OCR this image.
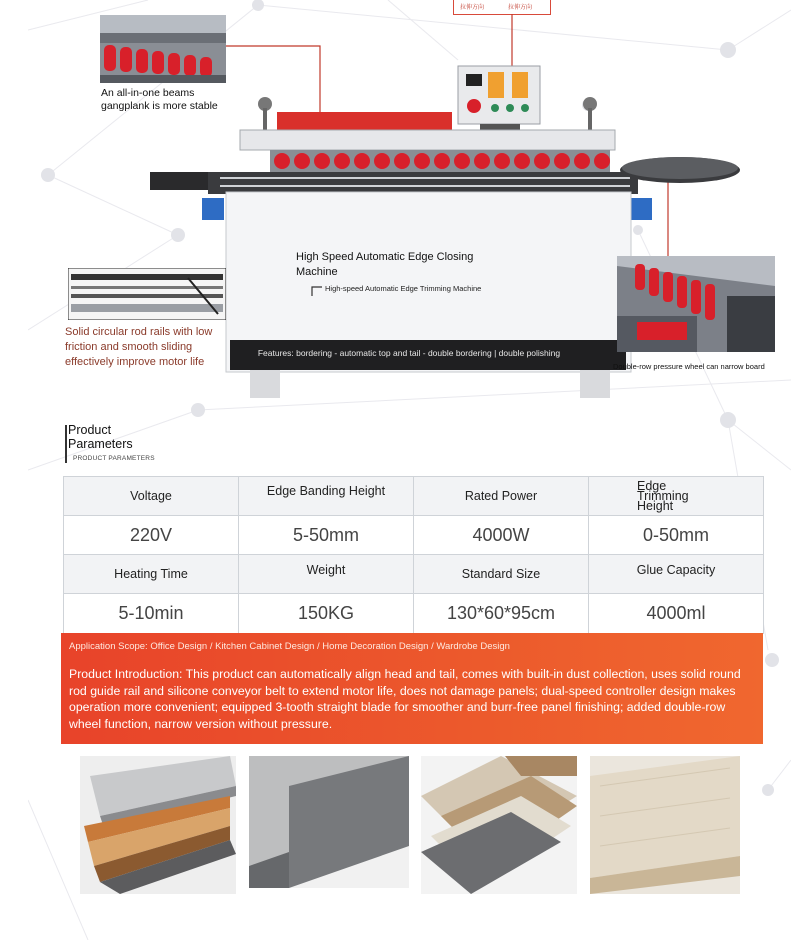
拉伸方向	拉伸方向
An all-in-one beams gangplank is more stable
High Speed Automatic Edge Closing Machine
High-speed Automatic Edge Trimming Machine
Features: bordering - automatic top and tail - double bordering | double polishing
Solid circular rod rails with low friction and smooth sliding effectively improve motor life	Double-row pressure wheel can narrow board
Product Parameters
PRODUCT PARAMETERS
Voltage	Edge Banding Height	Rated Power	Edge Trimming Height
220V	5-50mm	4000W	0-50mm
Heating Time	Weight	Standard Size	Glue Capacity
5-10min	150KG	130*60*95cm	4000ml
Application Scope: Office Design / Kitchen Cabinet Design / Home Decoration Design / Wardrobe Design
Product Introduction: This product can automatically align head and tail, comes with built-in dust collection, uses solid round rod guide rail and silicone conveyor belt to extend motor life, does not damage panels; dual-speed controller design makes operation more convenient; equipped 3-tooth straight blade for smoother and burr-free panel finishing; added double-row wheel function, narrow version without pressure.
